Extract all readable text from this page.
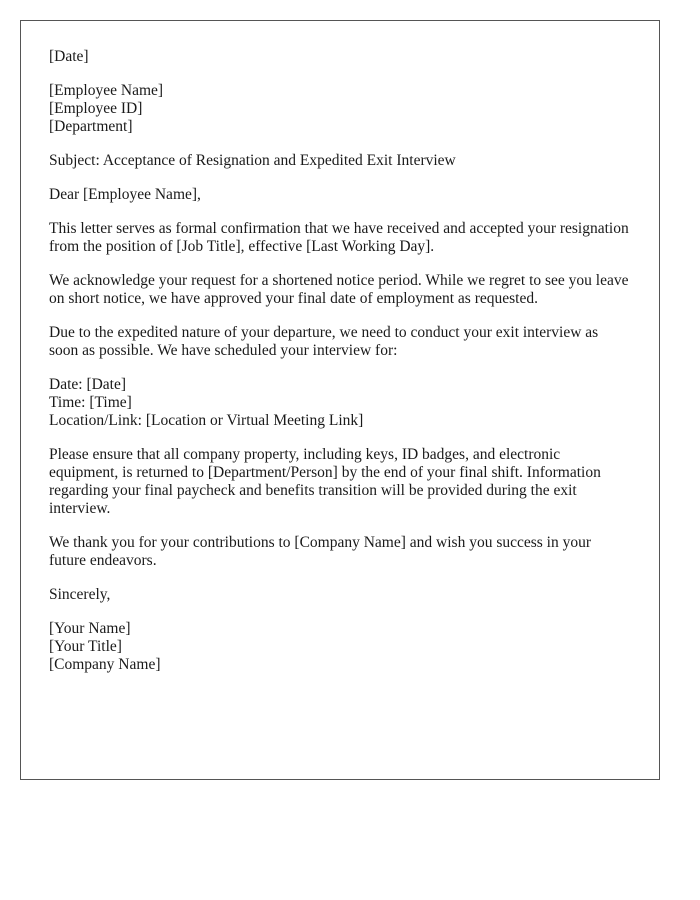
[Date]
[Employee Name]
[Employee ID]
[Department]
Subject: Acceptance of Resignation and Expedited Exit Interview
Dear [Employee Name],

This letter serves as formal confirmation that we have received and accepted your resignation from the position of [Job Title], effective [Last Working Day].

We acknowledge your request for a shortened notice period. While we regret to see you leave on short notice, we have approved your final date of employment as requested.

Due to the expedited nature of your departure, we need to conduct your exit interview as soon as possible. We have scheduled your interview for:

Date: [Date]
Time: [Time]
Location/Link: [Location or Virtual Meeting Link]

Please ensure that all company property, including keys, ID badges, and electronic equipment, is returned to [Department/Person] by the end of your final shift. Information regarding your final paycheck and benefits transition will be provided during the exit interview.

We thank you for your contributions to [Company Name] and wish you success in your future endeavors.

Sincerely,
[Your Name]
[Your Title]
[Company Name]
